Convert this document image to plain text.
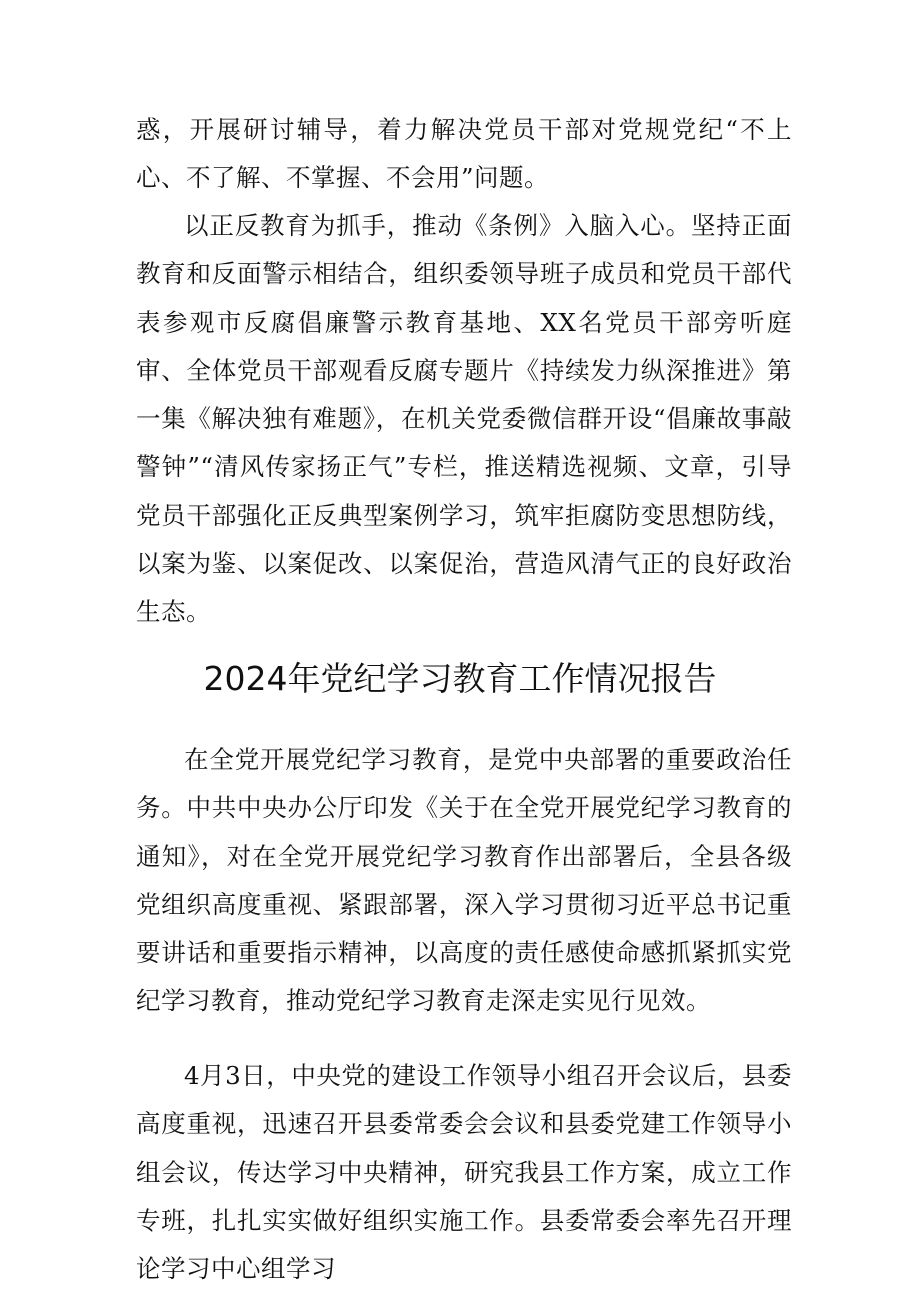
惑，开展研讨辅导，着力解决党员干部对党规党纪“不上心、不了解、不掌握、不会用”问题。

以正反教育为抓手，推动《条例》入脑入心。坚持正面教育和反面警示相结合，组织委领导班子成员和党员干部代表参观市反腐倡廉警示教育基地、XX名党员干部旁听庭审、全体党员干部观看反腐专题片《持续发力纵深推进》第一集《解决独有难题》，在机关党委微信群开设“倡廉故事敲警钟”“清风传家扬正气”专栏，推送精选视频、文章，引导党员干部强化正反典型案例学习，筑牢拒腐防变思想防线，以案为鉴、以案促改、以案促治，营造风清气正的良好政治生态。

2024年党纪学习教育工作情况报告

在全党开展党纪学习教育，是党中央部署的重要政治任务。中共中央办公厅印发《关于在全党开展党纪学习教育的通知》，对在全党开展党纪学习教育作出部署后，全县各级党组织高度重视、紧跟部署，深入学习贯彻习近平总书记重要讲话和重要指示精神，以高度的责任感使命感抓紧抓实党纪学习教育，推动党纪学习教育走深走实见行见效。

4月3日，中央党的建设工作领导小组召开会议后，县委高度重视，迅速召开县委常委会会议和县委党建工作领导小组会议，传达学习中央精神，研究我县工作方案，成立工作专班，扎扎实实做好组织实施工作。县委常委会率先召开理论学习中心组学习
